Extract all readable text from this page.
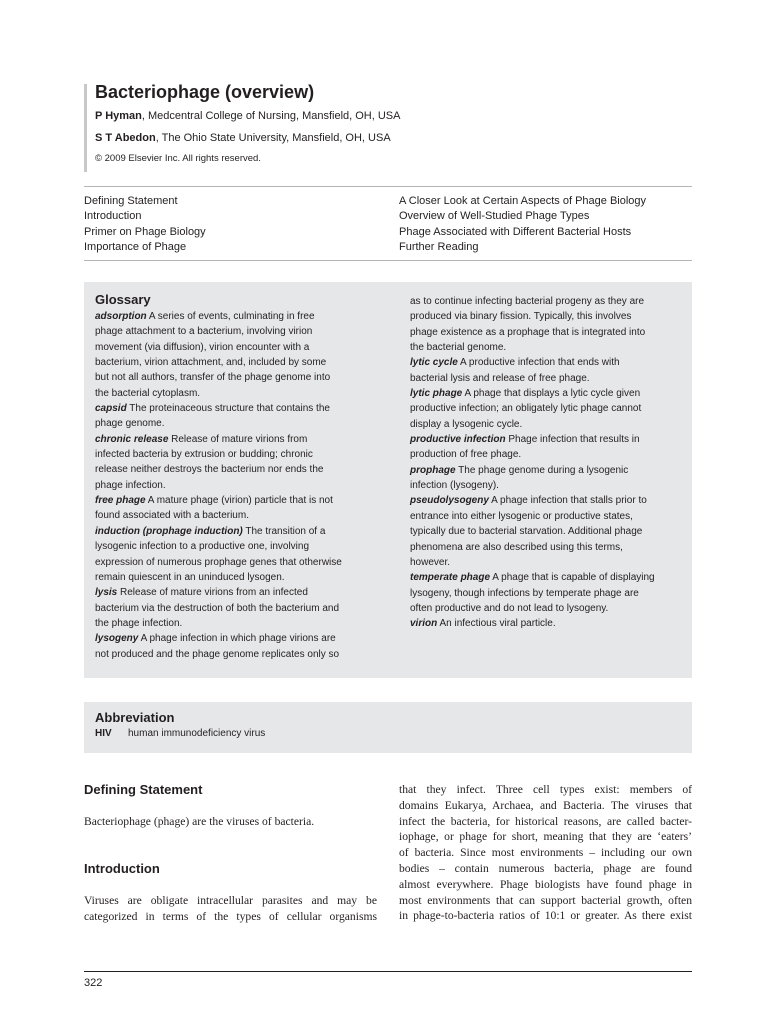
Bacteriophage (overview)
P Hyman, Medcentral College of Nursing, Mansfield, OH, USA
S T Abedon, The Ohio State University, Mansfield, OH, USA
© 2009 Elsevier Inc. All rights reserved.
Defining Statement
Introduction
Primer on Phage Biology
Importance of Phage
A Closer Look at Certain Aspects of Phage Biology
Overview of Well-Studied Phage Types
Phage Associated with Different Bacterial Hosts
Further Reading
Glossary
adsorption A series of events, culminating in free
phage attachment to a bacterium, involving virion
movement (via diffusion), virion encounter with a
bacterium, virion attachment, and, included by some
but not all authors, transfer of the phage genome into
the bacterial cytoplasm.
capsid The proteinaceous structure that contains the
phage genome.
chronic release Release of mature virions from
infected bacteria by extrusion or budding; chronic
release neither destroys the bacterium nor ends the
phage infection.
free phage A mature phage (virion) particle that is not
found associated with a bacterium.
induction (prophage induction) The transition of a
lysogenic infection to a productive one, involving
expression of numerous prophage genes that otherwise
remain quiescent in an uninduced lysogen.
lysis Release of mature virions from an infected
bacterium via the destruction of both the bacterium and
the phage infection.
lysogeny A phage infection in which phage virions are
not produced and the phage genome replicates only so
as to continue infecting bacterial progeny as they are
produced via binary fission. Typically, this involves
phage existence as a prophage that is integrated into
the bacterial genome.
lytic cycle A productive infection that ends with
bacterial lysis and release of free phage.
lytic phage A phage that displays a lytic cycle given
productive infection; an obligately lytic phage cannot
display a lysogenic cycle.
productive infection Phage infection that results in
production of free phage.
prophage The phage genome during a lysogenic
infection (lysogeny).
pseudolysogeny A phage infection that stalls prior to
entrance into either lysogenic or productive states,
typically due to bacterial starvation. Additional phage
phenomena are also described using this terms,
however.
temperate phage A phage that is capable of displaying
lysogeny, though infections by temperate phage are
often productive and do not lead to lysogeny.
virion An infectious viral particle.
Abbreviation
HIV human immunodeficiency virus
Defining Statement
Bacteriophage (phage) are the viruses of bacteria.
Introduction
Viruses are obligate intracellular parasites and may be
categorized in terms of the types of cellular organisms
that they infect. Three cell types exist: members of
domains Eukarya, Archaea, and Bacteria. The viruses that
infect the bacteria, for historical reasons, are called bacter-
iophage, or phage for short, meaning that they are ‘eaters’
of bacteria. Since most environments – including our own
bodies – contain numerous bacteria, phage are found
almost everywhere. Phage biologists have found phage in
most environments that can support bacterial growth, often
in phage-to-bacteria ratios of 10:1 or greater. As there exist
322
